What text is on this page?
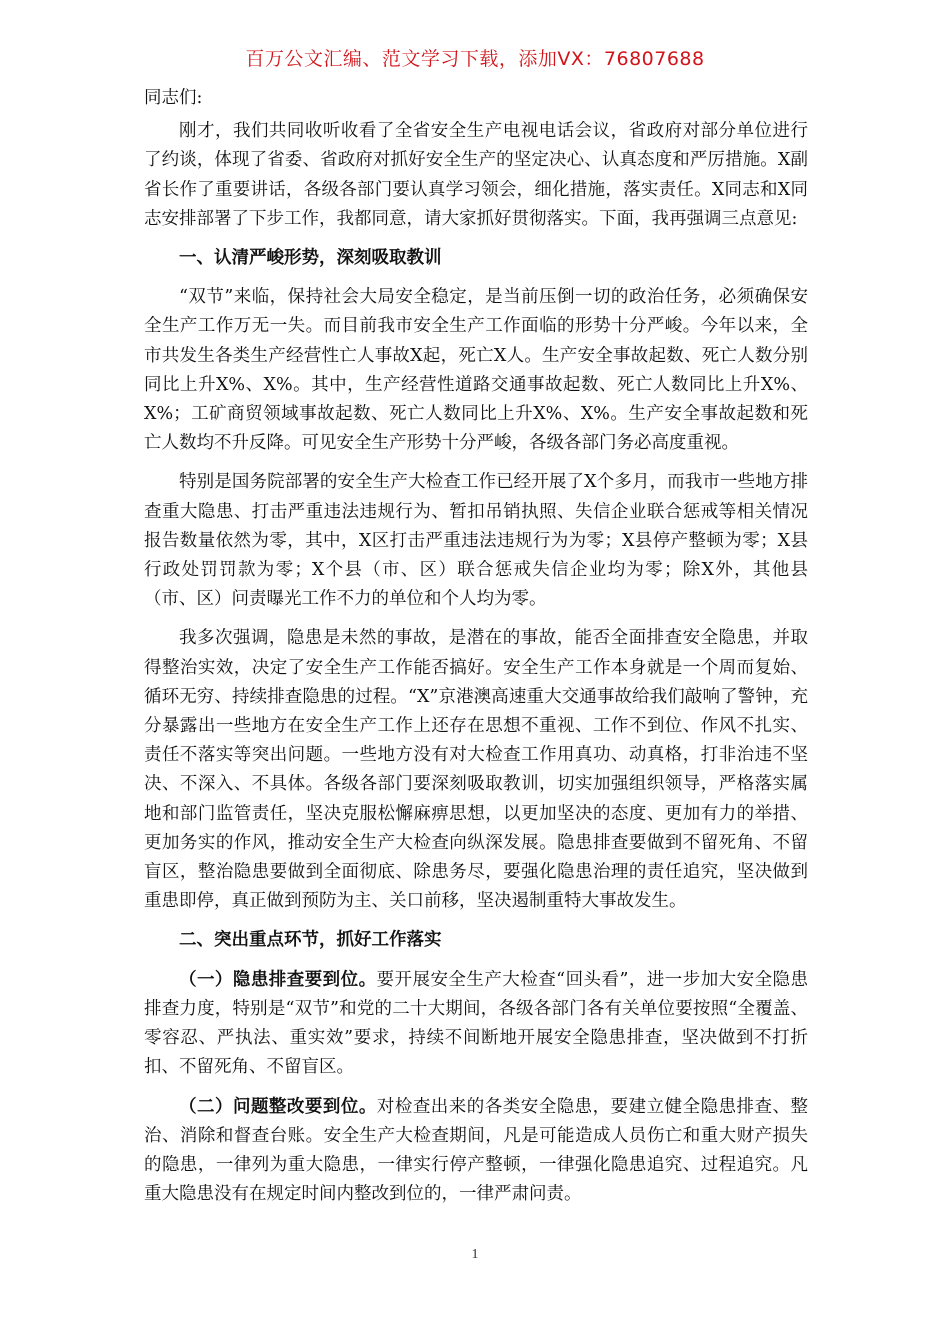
百万公文汇编、范文学习下载，添加VX：76807688

同志们:

刚才，我们共同收听收看了全省安全生产电视电话会议，省政府对部分单位进行了约谈，体现了省委、省政府对抓好安全生产的坚定决心、认真态度和严厉措施。X副省长作了重要讲话，各级各部门要认真学习领会，细化措施，落实责任。X同志和X同志安排部署了下步工作，我都同意，请大家抓好贯彻落实。下面，我再强调三点意见:

一、认清严峻形势，深刻吸取教训

“双节”来临，保持社会大局安全稳定，是当前压倒一切的政治任务，必须确保安全生产工作万无一失。而目前我市安全生产工作面临的形势十分严峻。今年以来，全市共发生各类生产经营性亡人事故X起，死亡X人。生产安全事故起数、死亡人数分别同比上升X%、X%。其中，生产经营性道路交通事故起数、死亡人数同比上升X%、X%；工矿商贸领域事故起数、死亡人数同比上升X%、X%。生产安全事故起数和死亡人数均不升反降。可见安全生产形势十分严峻，各级各部门务必高度重视。

特别是国务院部署的安全生产大检查工作已经开展了X个多月，而我市一些地方排查重大隐患、打击严重违法违规行为、暂扣吊销执照、失信企业联合惩戒等相关情况报告数量依然为零，其中，X区打击严重违法违规行为为零；X县停产整顿为零；X县行政处罚罚款为零；X个县（市、区）联合惩戒失信企业均为零；除X外，其他县（市、区）问责曝光工作不力的单位和个人均为零。

我多次强调，隐患是未然的事故，是潜在的事故，能否全面排查安全隐患，并取得整治实效，决定了安全生产工作能否搞好。安全生产工作本身就是一个周而复始、循环无穷、持续排查隐患的过程。“X”京港澳高速重大交通事故给我们敲响了警钟，充分暴露出一些地方在安全生产工作上还存在思想不重视、工作不到位、作风不扎实、责任不落实等突出问题。一些地方没有对大检查工作用真功、动真格，打非治违不坚决、不深入、不具体。各级各部门要深刻吸取教训，切实加强组织领导，严格落实属地和部门监管责任，坚决克服松懈麻痹思想，以更加坚决的态度、更加有力的举措、更加务实的作风，推动安全生产大检查向纵深发展。隐患排查要做到不留死角、不留盲区，整治隐患要做到全面彻底、除患务尽，要强化隐患治理的责任追究，坚决做到重患即停，真正做到预防为主、关口前移，坚决遏制重特大事故发生。

二、突出重点环节，抓好工作落实

（一）隐患排查要到位。要开展安全生产大检查“回头看”，进一步加大安全隐患排查力度，特别是“双节”和党的二十大期间，各级各部门各有关单位要按照“全覆盖、零容忍、严执法、重实效”要求，持续不间断地开展安全隐患排查，坚决做到不打折扣、不留死角、不留盲区。

（二）问题整改要到位。对检查出来的各类安全隐患，要建立健全隐患排查、整治、消除和督查台账。安全生产大检查期间，凡是可能造成人员伤亡和重大财产损失的隐患，一律列为重大隐患，一律实行停产整顿，一律强化隐患追究、过程追究。凡重大隐患没有在规定时间内整改到位的，一律严肃问责。

1
